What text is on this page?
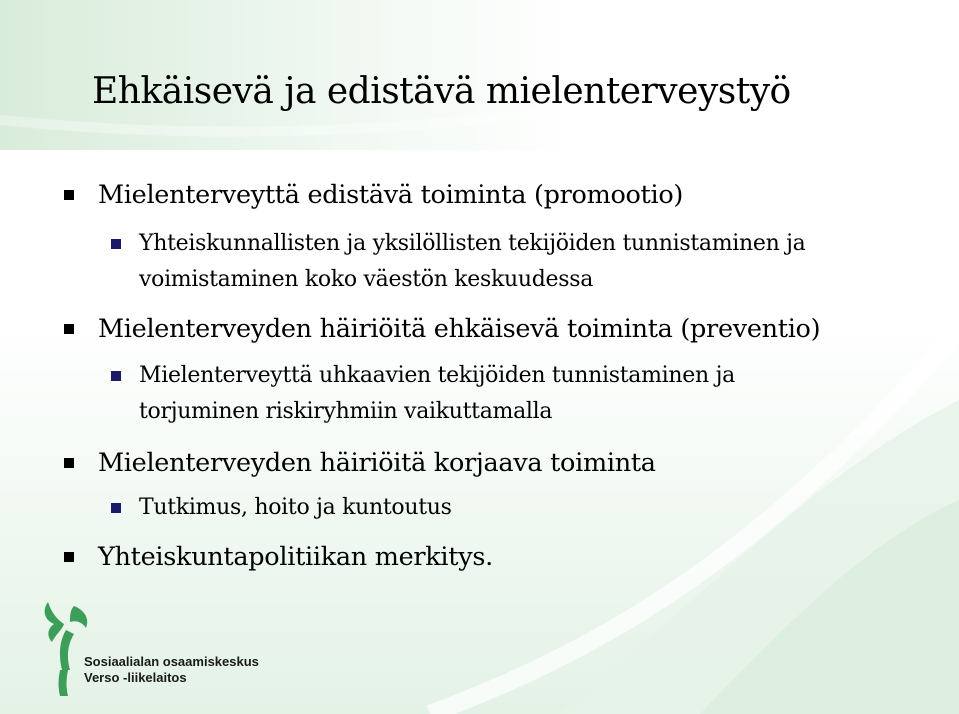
Ehkäisevä ja edistävä mielenterveystyö
Mielenterveyttä edistävä toiminta (promootio)
Yhteiskunnallisten ja yksilöllisten tekijöiden tunnistaminen ja
voimistaminen koko väestön keskuudessa
Mielenterveyden häiriöitä ehkäisevä toiminta (preventio)
Mielenterveyttä uhkaavien tekijöiden tunnistaminen ja
torjuminen riskiryhmiin vaikuttamalla
Mielenterveyden häiriöitä korjaava toiminta
Tutkimus, hoito ja kuntoutus
Yhteiskuntapolitiikan merkitys.
Sosiaalialan osaamiskeskus
Verso -liikelaitos
